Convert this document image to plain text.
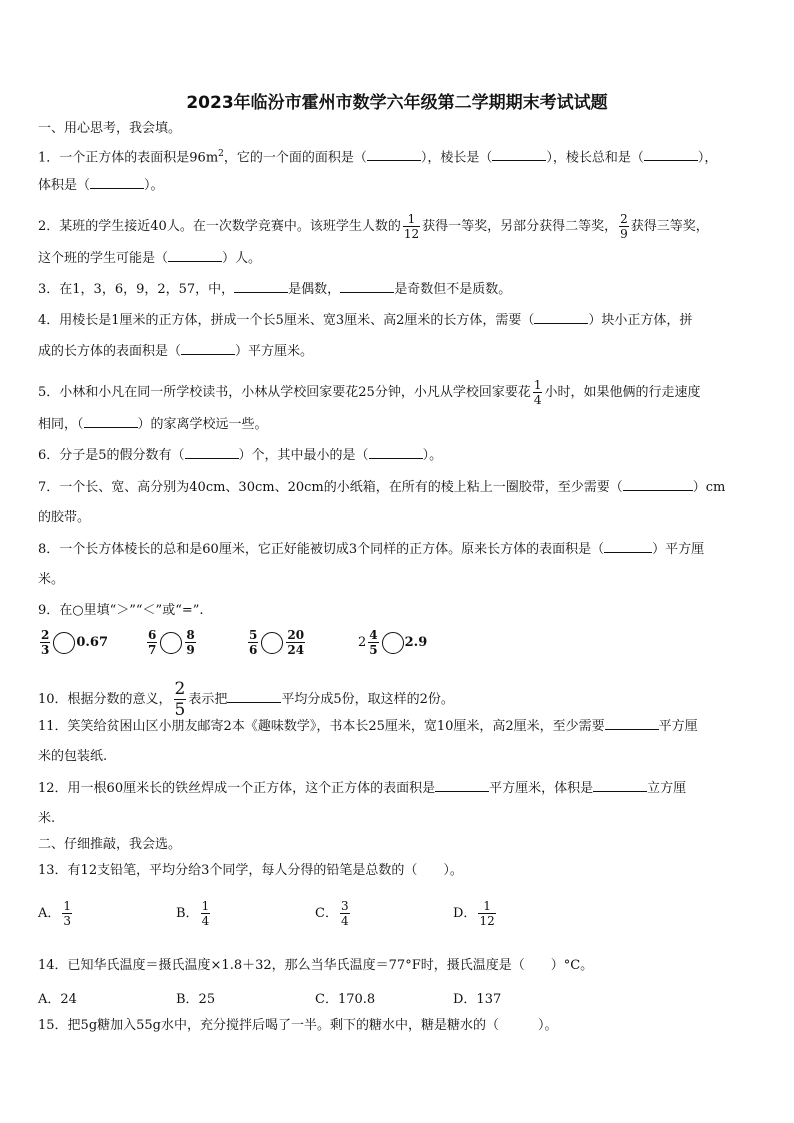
2023年临汾市霍州市数学六年级第二学期期末考试试题
一、用心思考，我会填。
1．一个正方体的表面积是$96m^2$，它的一个面的面积是（	），棱长是（	），棱长总和是（	），
体积是（	）。
2．某班的学生接近40人。在一次数学竞赛中。该班学生人数的 $\frac{1}{12}$ 获得一等奖，另部分获得二等奖， $\frac{2}{9}$ 获得三等奖，
这个班的学生可能是（	）人。
3．在1，3，6，9，2，57，中，	是偶数，	是奇数但不是质数。
4．用棱长是1厘米的正方体，拼成一个长5厘米、宽3厘米、高2厘米的长方体，需要（	）块小正方体，拼
成的长方体的表面积是（	）平方厘米。
5．小林和小凡在同一所学校读书，小林从学校回家要花25分钟，小凡从学校回家要花 $\frac{1}{4}$ 小时，如果他俩的行走速度
相同，（	）的家离学校远一些。
6．分子是5的假分数有（	）个，其中最小的是（	）。
7．一个长、宽、高分别为40cm、30cm、20cm的小纸箱，在所有的棱上粘上一圈胶带，至少需要（	）cm
的胶带。
8．一个长方体棱长的总和是60厘米，它正好能被切成3个同样的正方体。原来长方体的表面积是（	）平方厘
米。
9．在○里填“＞”“＜”或“=”.
$\frac{2}{3} 0.67$	$\frac{6}{7} \frac{8}{9}$	$\frac{5}{6} \frac{20}{24}$	$2 \frac{4}{5} 2.9$
10．根据分数的意义， $\frac{2}{5}$ 表示把	平均分成5份，取这样的2份。
11．笑笑给贫困山区小朋友邮寄2本《趣味数学》，书本长25厘米，宽10厘米，高2厘米，至少需要	平方厘
米的包装纸.
12．用一根60厘米长的铁丝焊成一个正方体，这个正方体的表面积是	平方厘米，体积是	立方厘
米.
二、仔细推敲，我会选。
13．有12支铅笔，平均分给3个同学，每人分得的铅笔是总数的（　　）。
A． $\frac{1}{3}$	B． $\frac{1}{4}$	C． $\frac{3}{4}$	D． $\frac{1}{12}$
14．已知华氏温度＝摄氏温度×1.8＋32，那么当华氏温度＝77°F时，摄氏温度是（　　）°C。
A．24	B．25	C．170.8	D．137
15．把5g糖加入55g水中，充分搅拌后喝了一半。剩下的糖水中，糖是糖水的（　　　）。
